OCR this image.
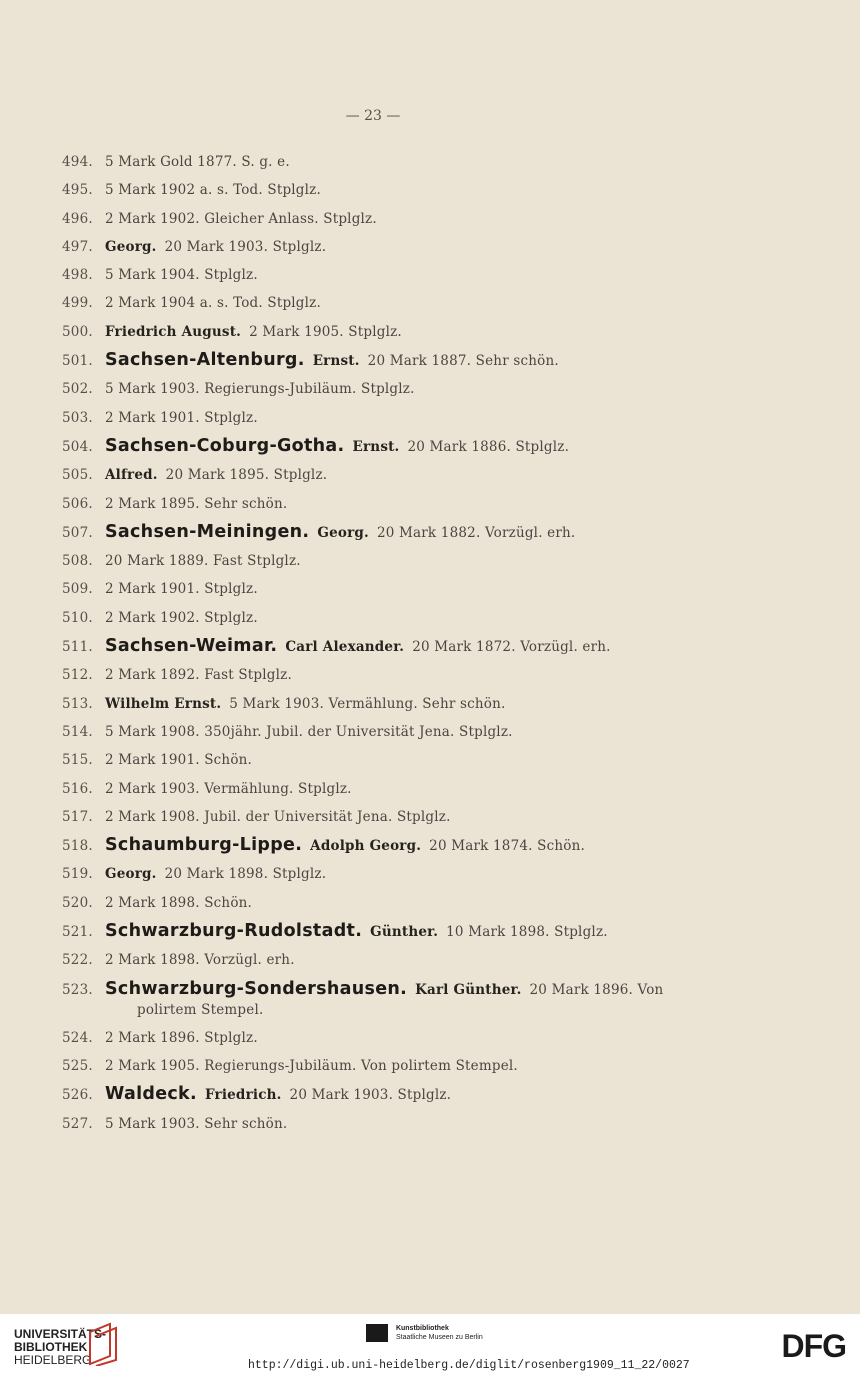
— 23 —
494. 5 Mark Gold 1877. S. g. e.
495. 5 Mark 1902 a. s. Tod. Stplglz.
496. 2 Mark 1902. Gleicher Anlass. Stplglz.
497. Georg. 20 Mark 1903. Stplglz.
498. 5 Mark 1904. Stplglz.
499. 2 Mark 1904 a. s. Tod. Stplglz.
500. Friedrich August. 2 Mark 1905. Stplglz.
501. Sachsen-Altenburg. Ernst. 20 Mark 1887. Sehr schön.
502. 5 Mark 1903. Regierungs-Jubiläum. Stplglz.
503. 2 Mark 1901. Stplglz.
504. Sachsen-Coburg-Gotha. Ernst. 20 Mark 1886. Stplglz.
505. Alfred. 20 Mark 1895. Stplglz.
506. 2 Mark 1895. Sehr schön.
507. Sachsen-Meiningen. Georg. 20 Mark 1882. Vorzügl. erh.
508. 20 Mark 1889. Fast Stplglz.
509. 2 Mark 1901. Stplglz.
510. 2 Mark 1902. Stplglz.
511. Sachsen-Weimar. Carl Alexander. 20 Mark 1872. Vorzügl. erh.
512. 2 Mark 1892. Fast Stplglz.
513. Wilhelm Ernst. 5 Mark 1903. Vermählung. Sehr schön.
514. 5 Mark 1908. 350jähr. Jubil. der Universität Jena. Stplglz.
515. 2 Mark 1901. Schön.
516. 2 Mark 1903. Vermählung. Stplglz.
517. 2 Mark 1908. Jubil. der Universität Jena. Stplglz.
518. Schaumburg-Lippe. Adolph Georg. 20 Mark 1874. Schön.
519. Georg. 20 Mark 1898. Stplglz.
520. 2 Mark 1898. Schön.
521. Schwarzburg-Rudolstadt. Günther. 10 Mark 1898. Stplglz.
522. 2 Mark 1898. Vorzügl. erh.
523. Schwarzburg-Sondershausen. Karl Günther. 20 Mark 1896. Von
polirtem Stempel.
524. 2 Mark 1896. Stplglz.
525. 2 Mark 1905. Regierungs-Jubiläum. Von polirtem Stempel.
526. Waldeck. Friedrich. 20 Mark 1903. Stplglz.
527. 5 Mark 1903. Sehr schön.
UNIVERSITÄTS-
BIBLIOTHEK
HEIDELBERG
Kunstbibliothek
Staatliche Museen zu Berlin	DFG
http://digi.ub.uni-heidelberg.de/diglit/rosenberg1909_11_22/0027
